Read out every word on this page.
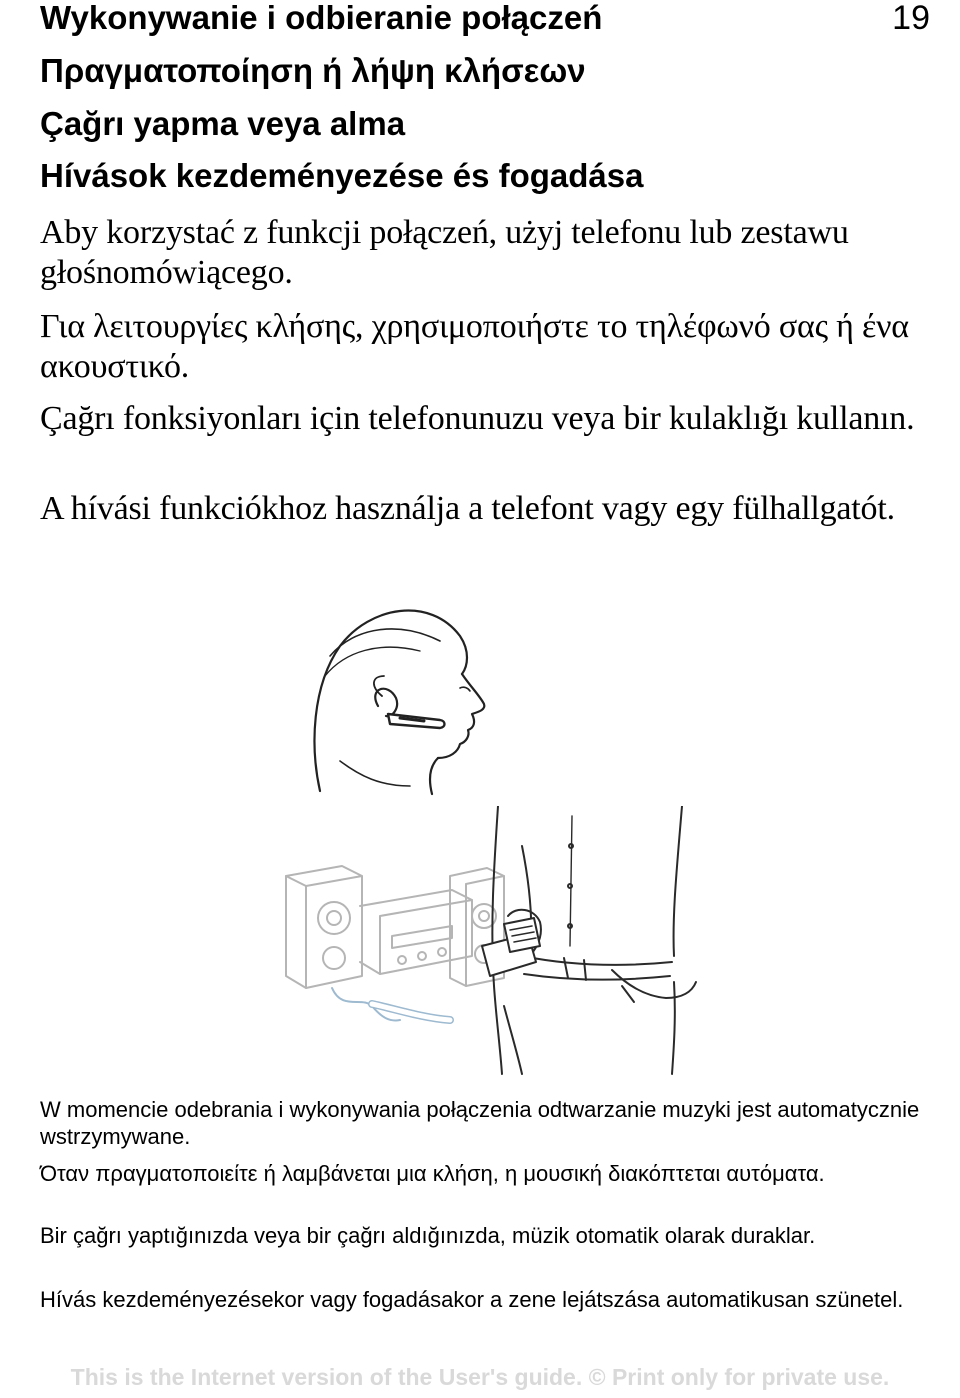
19
Wykonywanie i odbieranie połączeń
Πραγματοποίηση ή λήψη κλήσεων
Çağrı yapma veya alma
Hívások kezdeményezése és fogadása

Aby korzystać z funkcji połączeń, użyj telefonu lub zestawu głośnomówiącego.

Για λειτουργίες κλήσης, χρησιμοποιήστε το τηλέφωνό σας ή ένα ακουστικό.

Çağrı fonksiyonları için telefonunuzu veya bir kulaklığı kullanın.

A hívási funkciókhoz használja a telefont vagy egy fülhallgatót.

W momencie odebrania i wykonywania połączenia odtwarzanie muzyki jest automatycznie wstrzymywane.

Όταν πραγματοποιείτε ή λαμβάνεται μια κλήση, η μουσική διακόπτεται αυτόματα.

Bir çağrı yaptığınızda veya bir çağrı aldığınızda, müzik otomatik olarak duraklar.

Hívás kezdeményezésekor vagy fogadásakor a zene lejátszása automatikusan szünetel.

This is the Internet version of the User's guide. © Print only for private use.
